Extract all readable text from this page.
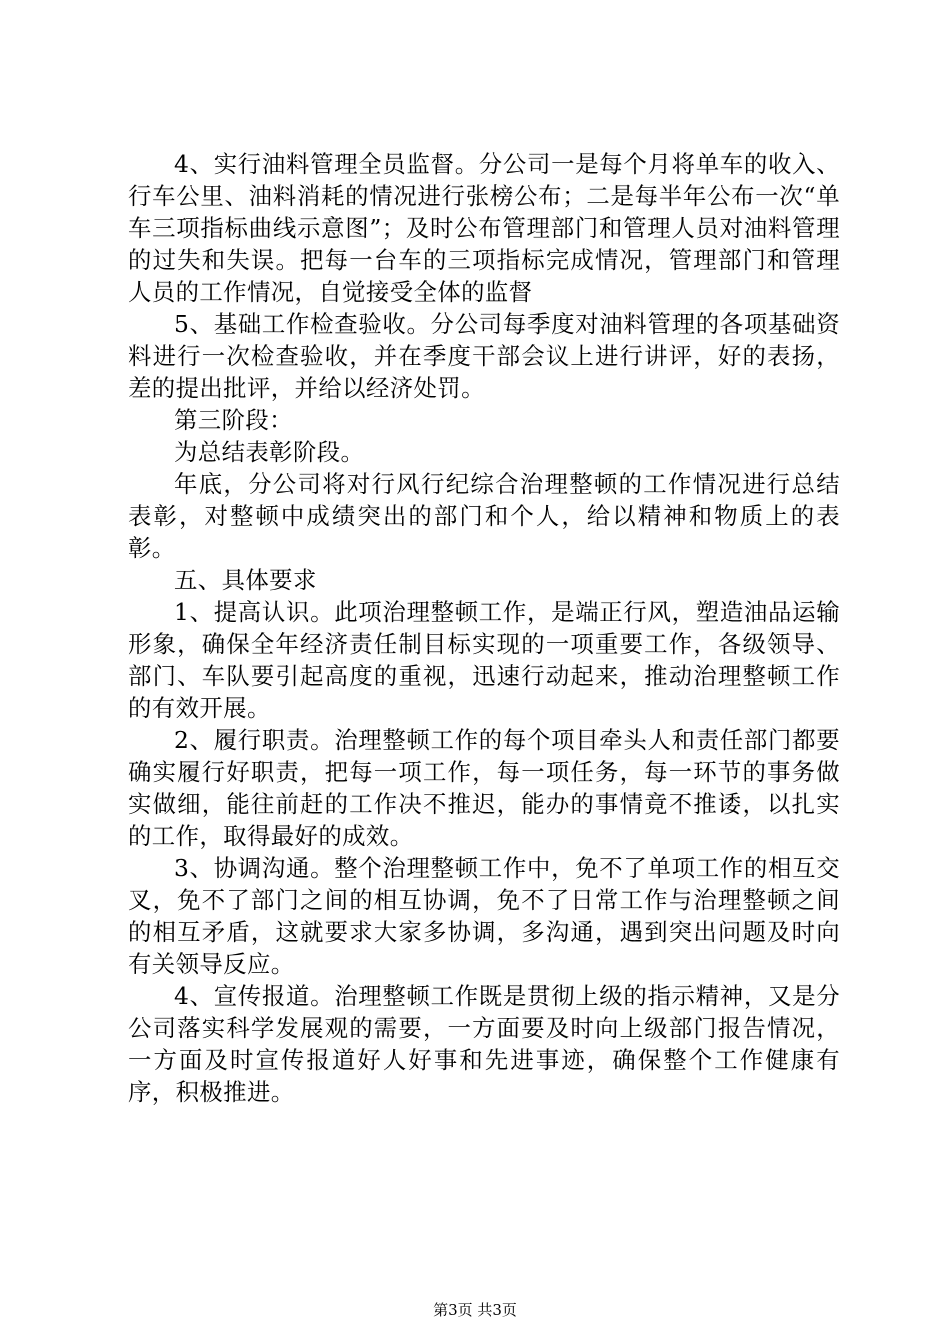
4、实行油料管理全员监督。分公司一是每个月将单车的收入、行车公里、油料消耗的情况进行张榜公布；二是每半年公布一次“单车三项指标曲线示意图”；及时公布管理部门和管理人员对油料管理的过失和失误。把每一台车的三项指标完成情况，管理部门和管理人员的工作情况，自觉接受全体的监督

5、基础工作检查验收。分公司每季度对油料管理的各项基础资料进行一次检查验收，并在季度干部会议上进行讲评，好的表扬，差的提出批评，并给以经济处罚。

第三阶段：

为总结表彰阶段。

年底，分公司将对行风行纪综合治理整顿的工作情况进行总结表彰，对整顿中成绩突出的部门和个人，给以精神和物质上的表彰。

五、具体要求

1、提高认识。此项治理整顿工作，是端正行风，塑造油品运输形象，确保全年经济责任制目标实现的一项重要工作，各级领导、部门、车队要引起高度的重视，迅速行动起来，推动治理整顿工作的有效开展。

2、履行职责。治理整顿工作的每个项目牵头人和责任部门都要确实履行好职责，把每一项工作，每一项任务，每一环节的事务做实做细，能往前赶的工作决不推迟，能办的事情竟不推诿，以扎实的工作，取得最好的成效。

3、协调沟通。整个治理整顿工作中，免不了单项工作的相互交叉，免不了部门之间的相互协调，免不了日常工作与治理整顿之间的相互矛盾，这就要求大家多协调，多沟通，遇到突出问题及时向有关领导反应。

4、宣传报道。治理整顿工作既是贯彻上级的指示精神，又是分公司落实科学发展观的需要，一方面要及时向上级部门报告情况，一方面及时宣传报道好人好事和先进事迹，确保整个工作健康有序，积极推进。

第3页 共3页
